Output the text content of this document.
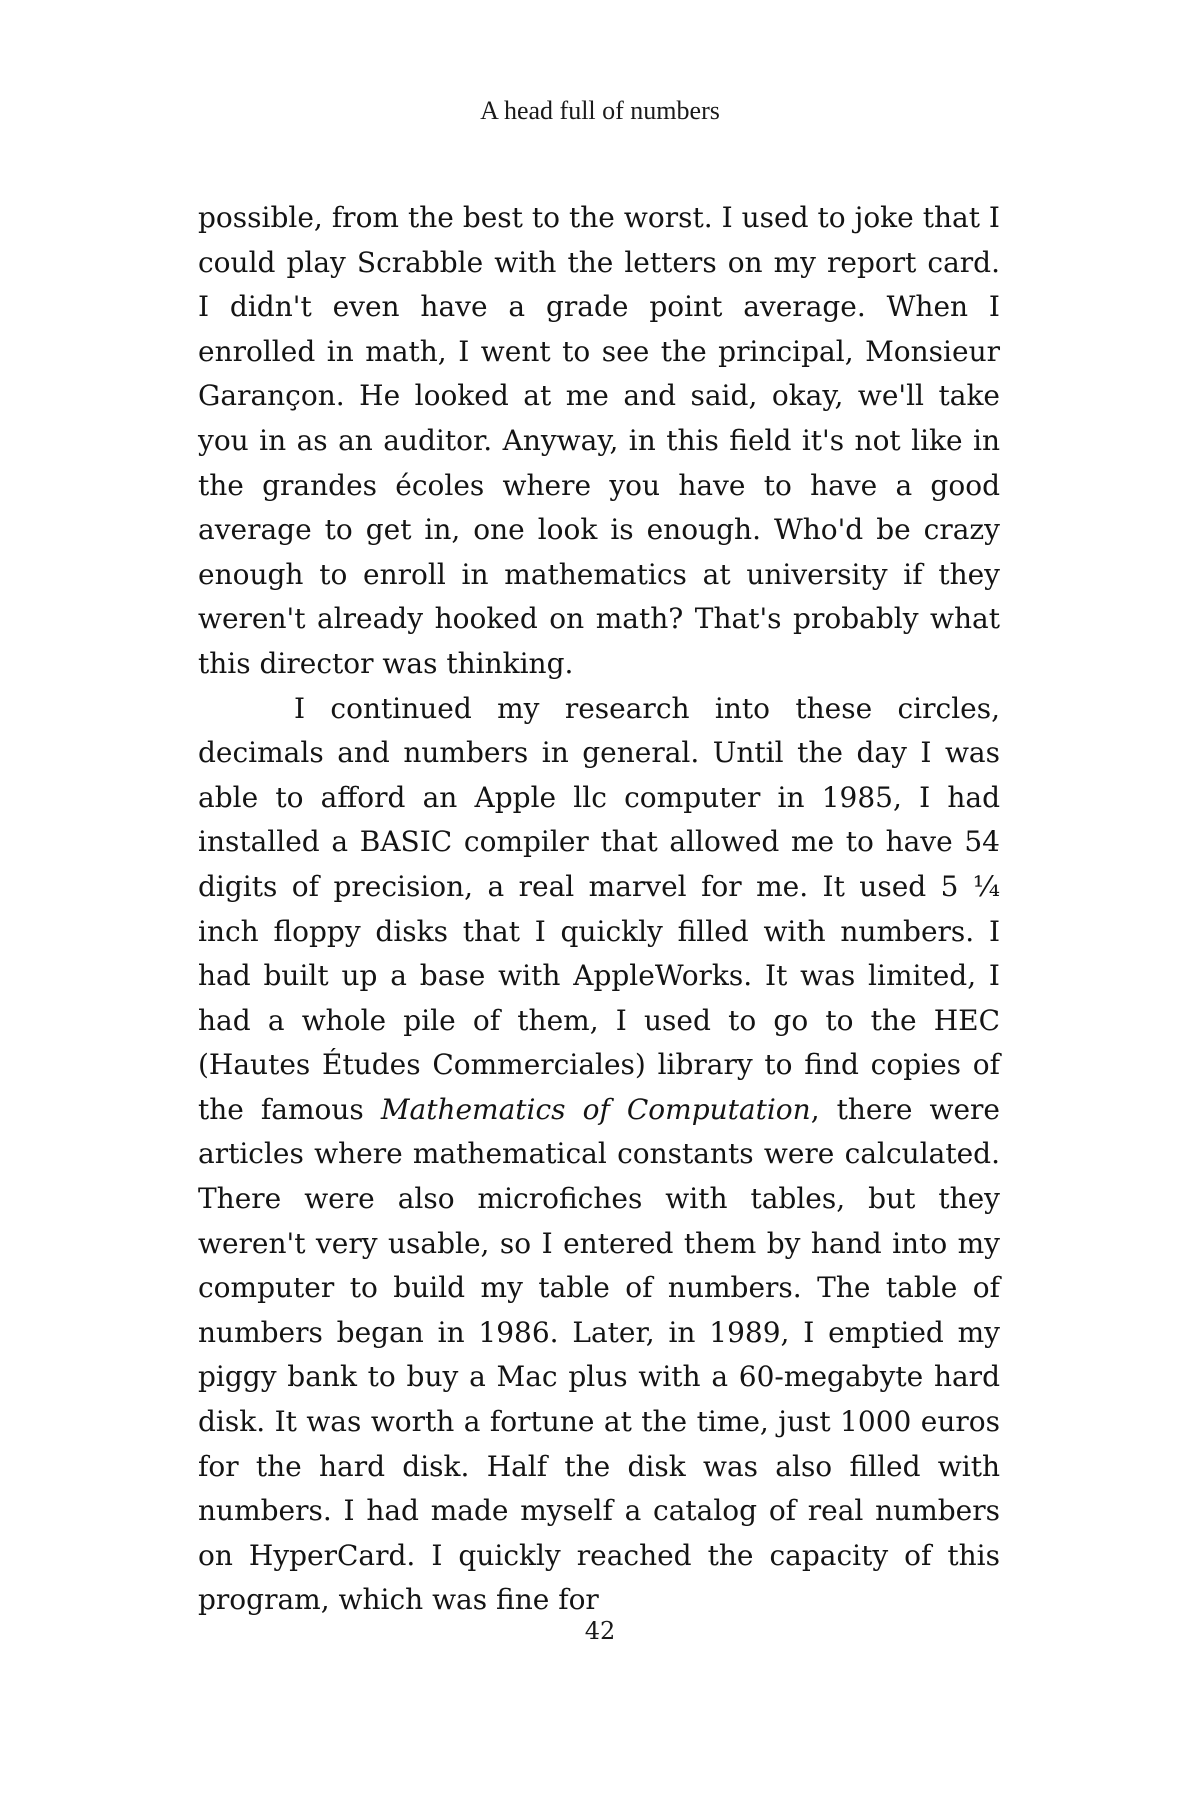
A head full of numbers

possible, from the best to the worst. I used to joke that I could play Scrabble with the letters on my report card. I didn't even have a grade point average. When I enrolled in math, I went to see the principal, Monsieur Garançon. He looked at me and said, okay, we'll take you in as an auditor. Anyway, in this field it's not like in the grandes écoles where you have to have a good average to get in, one look is enough. Who'd be crazy enough to enroll in mathematics at university if they weren't already hooked on math? That's probably what this director was thinking.

I continued my research into these circles, decimals and numbers in general. Until the day I was able to afford an Apple llc computer in 1985, I had installed a BASIC compiler that allowed me to have 54 digits of precision, a real marvel for me. It used 5 ¼ inch floppy disks that I quickly filled with numbers. I had built up a base with AppleWorks. It was limited, I had a whole pile of them, I used to go to the HEC (Hautes Études Commerciales) library to find copies of the famous Mathematics of Computation, there were articles where mathematical constants were calculated. There were also microfiches with tables, but they weren't very usable, so I entered them by hand into my computer to build my table of numbers. The table of numbers began in 1986. Later, in 1989, I emptied my piggy bank to buy a Mac plus with a 60-megabyte hard disk. It was worth a fortune at the time, just 1000 euros for the hard disk. Half the disk was also filled with numbers. I had made myself a catalog of real numbers on HyperCard. I quickly reached the capacity of this program, which was fine for

42
